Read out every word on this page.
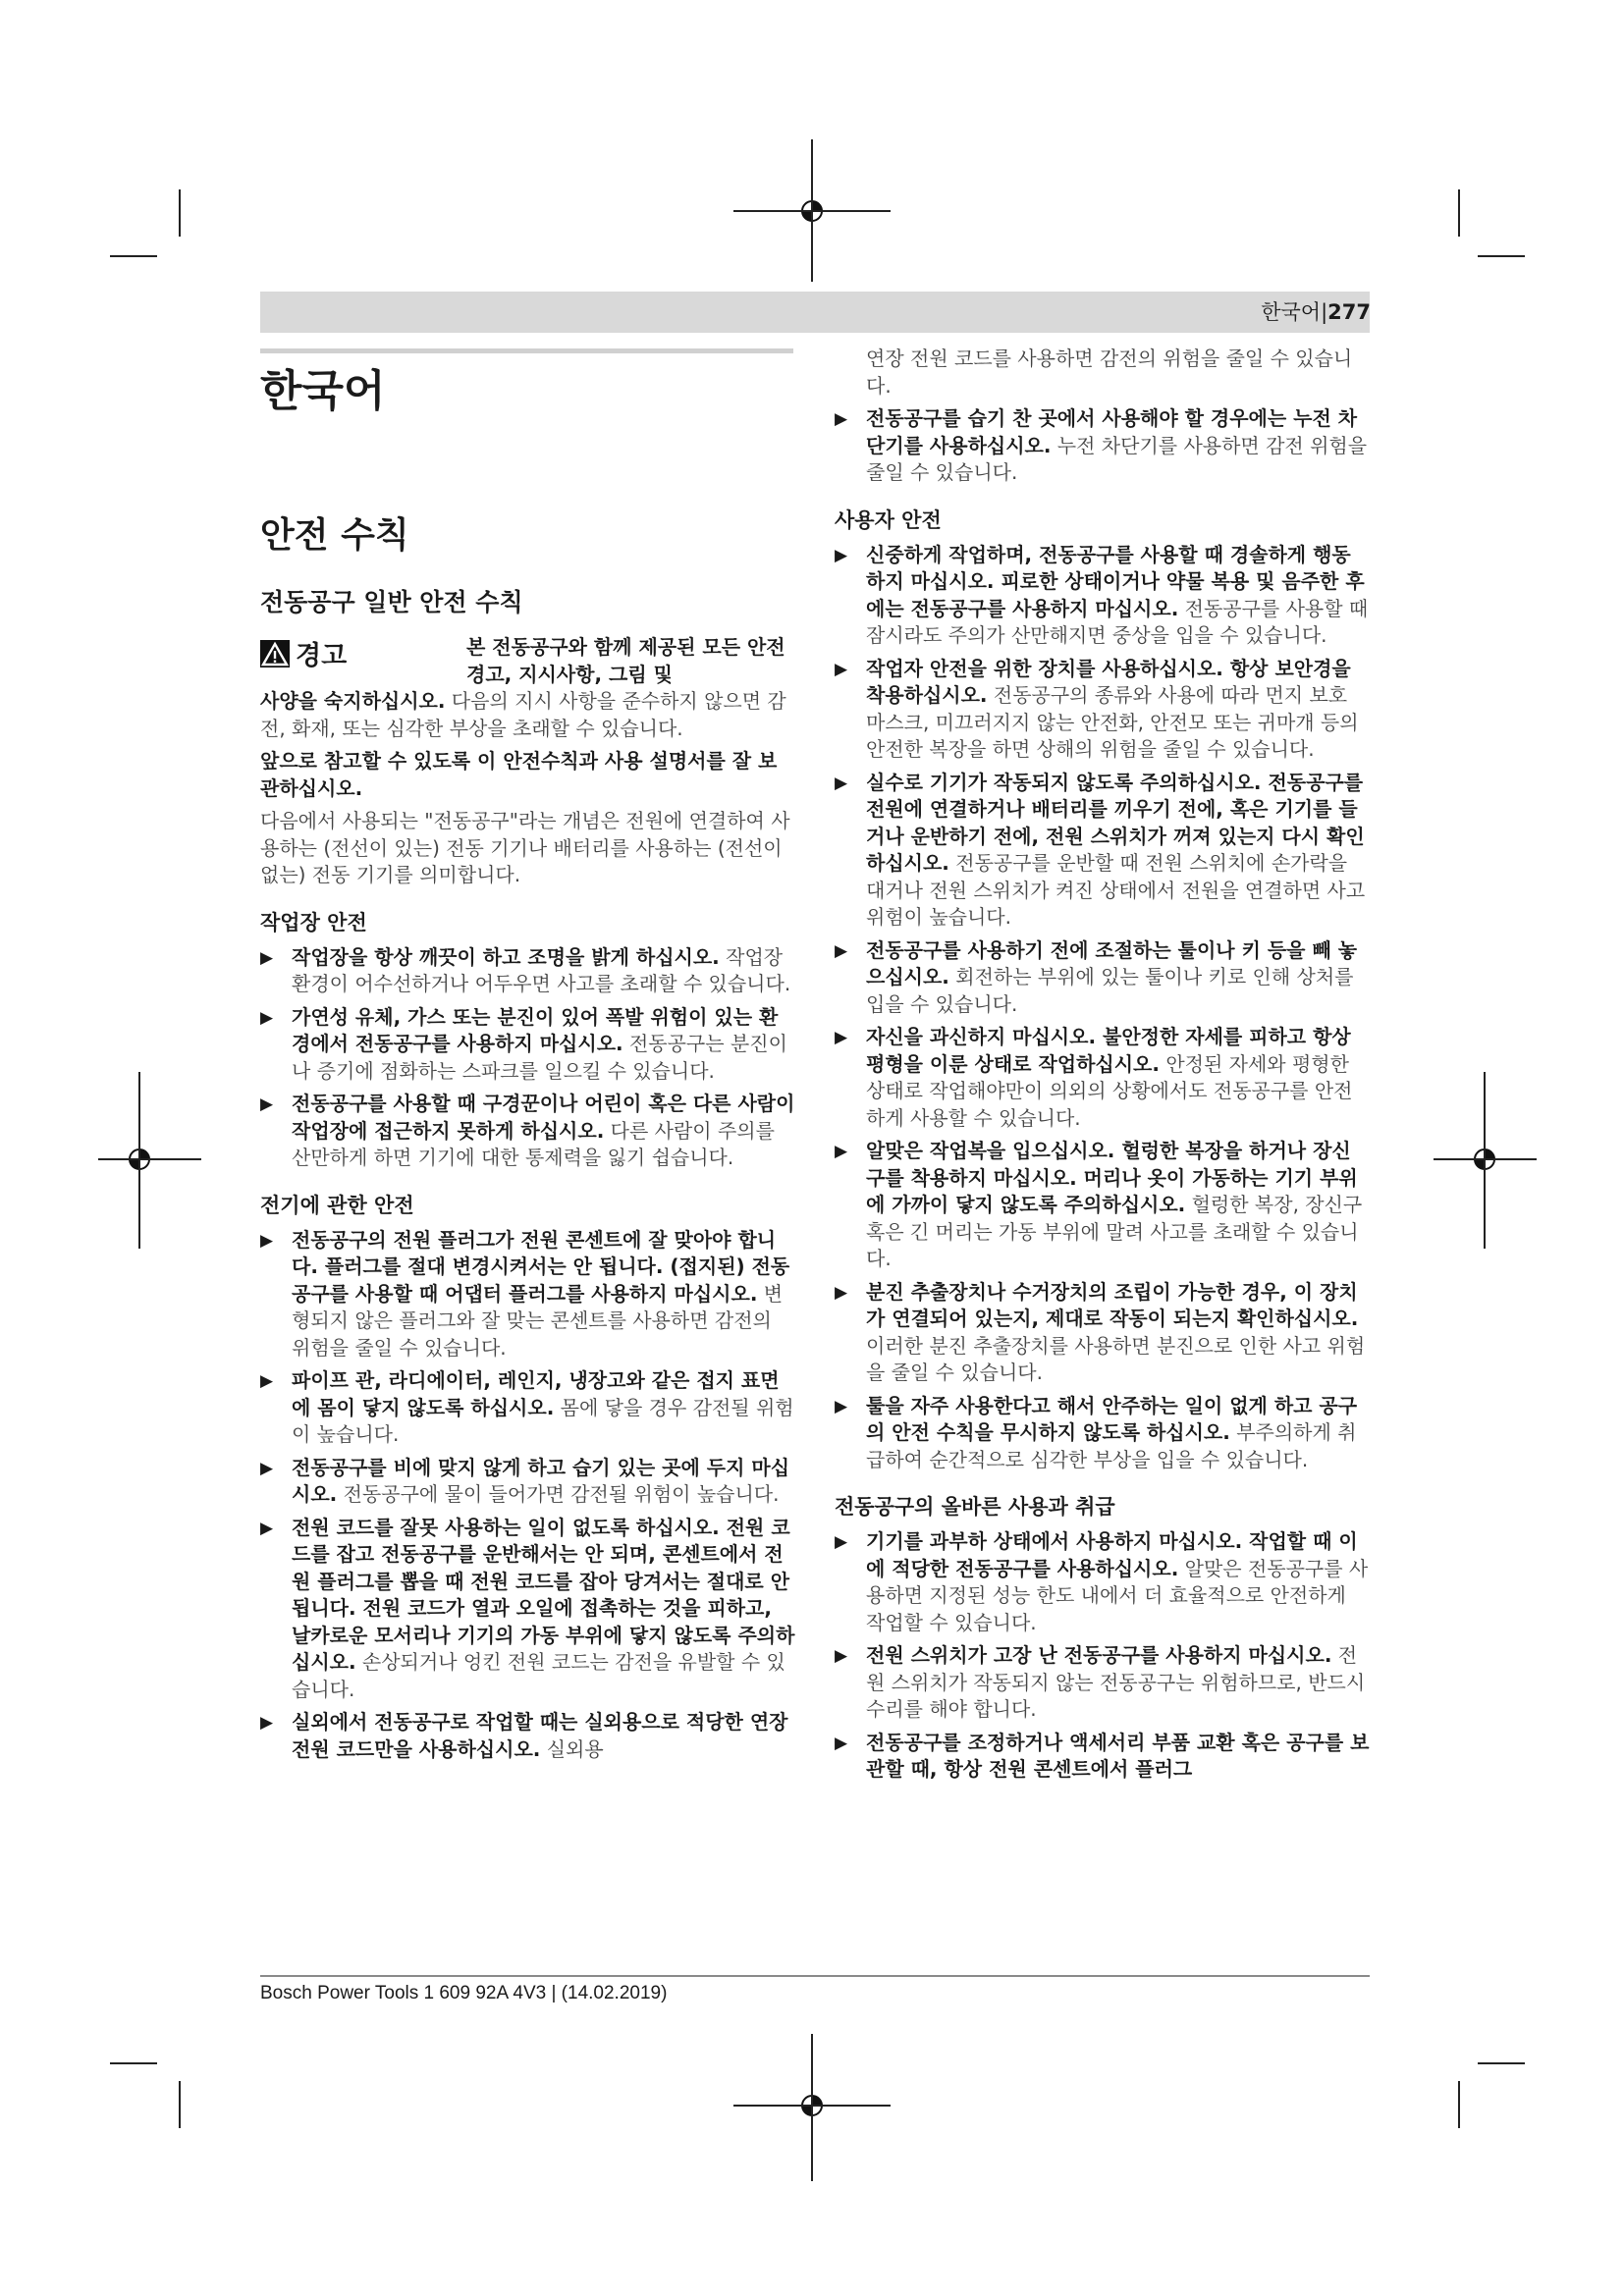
한국어|277
한국어
안전 수칙
전동공구 일반 안전 수칙
경고	본 전동공구와 함께 제공된 모든 안전경고, 지시사항, 그림 및

사양을 숙지하십시오. 다음의 지시 사항을 준수하지 않으면 감전, 화재, 또는 심각한 부상을 초래할 수 있습니다.

앞으로 참고할 수 있도록 이 안전수칙과 사용 설명서를 잘 보관하십시오.

다음에서 사용되는 "전동공구"라는 개념은 전원에 연결하여 사용하는 (전선이 있는) 전동 기기나 배터리를 사용하는 (전선이 없는) 전동 기기를 의미합니다.

작업장 안전
▶ 작업장을 항상 깨끗이 하고 조명을 밝게 하십시오. 작업장 환경이 어수선하거나 어두우면 사고를 초래할 수 있습니다.
▶ 가연성 유체, 가스 또는 분진이 있어 폭발 위험이 있는 환경에서 전동공구를 사용하지 마십시오. 전동공구는 분진이나 증기에 점화하는 스파크를 일으킬 수 있습니다.
▶ 전동공구를 사용할 때 구경꾼이나 어린이 혹은 다른 사람이 작업장에 접근하지 못하게 하십시오. 다른 사람이 주의를 산만하게 하면 기기에 대한 통제력을 잃기 쉽습니다.
전기에 관한 안전
▶ 전동공구의 전원 플러그가 전원 콘센트에 잘 맞아야 합니다. 플러그를 절대 변경시켜서는 안 됩니다. (접지된) 전동공구를 사용할 때 어댑터 플러그를 사용하지 마십시오. 변형되지 않은 플러그와 잘 맞는 콘센트를 사용하면 감전의 위험을 줄일 수 있습니다.
▶ 파이프 관, 라디에이터, 레인지, 냉장고와 같은 접지 표면에 몸이 닿지 않도록 하십시오. 몸에 닿을 경우 감전될 위험이 높습니다.
▶ 전동공구를 비에 맞지 않게 하고 습기 있는 곳에 두지 마십시오. 전동공구에 물이 들어가면 감전될 위험이 높습니다.
▶ 전원 코드를 잘못 사용하는 일이 없도록 하십시오. 전원 코드를 잡고 전동공구를 운반해서는 안 되며, 콘센트에서 전원 플러그를 뽑을 때 전원 코드를 잡아 당겨서는 절대로 안 됩니다. 전원 코드가 열과 오일에 접촉하는 것을 피하고, 날카로운 모서리나 기기의 가동 부위에 닿지 않도록 주의하십시오. 손상되거나 엉킨 전원 코드는 감전을 유발할 수 있습니다.
▶ 실외에서 전동공구로 작업할 때는 실외용으로 적당한 연장 전원 코드만을 사용하십시오. 실외용

연장 전원 코드를 사용하면 감전의 위험을 줄일 수 있습니다.

▶ 전동공구를 습기 찬 곳에서 사용해야 할 경우에는 누전 차단기를 사용하십시오. 누전 차단기를 사용하면 감전 위험을 줄일 수 있습니다.
사용자 안전
▶ 신중하게 작업하며, 전동공구를 사용할 때 경솔하게 행동하지 마십시오. 피로한 상태이거나 약물 복용 및 음주한 후에는 전동공구를 사용하지 마십시오. 전동공구를 사용할 때 잠시라도 주의가 산만해지면 중상을 입을 수 있습니다.
▶ 작업자 안전을 위한 장치를 사용하십시오. 항상 보안경을 착용하십시오. 전동공구의 종류와 사용에 따라 먼지 보호 마스크, 미끄러지지 않는 안전화, 안전모 또는 귀마개 등의 안전한 복장을 하면 상해의 위험을 줄일 수 있습니다.
▶ 실수로 기기가 작동되지 않도록 주의하십시오. 전동공구를 전원에 연결하거나 배터리를 끼우기 전에, 혹은 기기를 들거나 운반하기 전에, 전원 스위치가 꺼져 있는지 다시 확인하십시오. 전동공구를 운반할 때 전원 스위치에 손가락을 대거나 전원 스위치가 켜진 상태에서 전원을 연결하면 사고 위험이 높습니다.
▶ 전동공구를 사용하기 전에 조절하는 툴이나 키 등을 빼 놓으십시오. 회전하는 부위에 있는 툴이나 키로 인해 상처를 입을 수 있습니다.
▶ 자신을 과신하지 마십시오. 불안정한 자세를 피하고 항상 평형을 이룬 상태로 작업하십시오. 안정된 자세와 평형한 상태로 작업해야만이 의외의 상황에서도 전동공구를 안전하게 사용할 수 있습니다.
▶ 알맞은 작업복을 입으십시오. 헐렁한 복장을 하거나 장신구를 착용하지 마십시오. 머리나 옷이 가동하는 기기 부위에 가까이 닿지 않도록 주의하십시오. 헐렁한 복장, 장신구 혹은 긴 머리는 가동 부위에 말려 사고를 초래할 수 있습니다.
▶ 분진 추출장치나 수거장치의 조립이 가능한 경우, 이 장치가 연결되어 있는지, 제대로 작동이 되는지 확인하십시오. 이러한 분진 추출장치를 사용하면 분진으로 인한 사고 위험을 줄일 수 있습니다.
▶ 툴을 자주 사용한다고 해서 안주하는 일이 없게 하고 공구의 안전 수칙을 무시하지 않도록 하십시오. 부주의하게 취급하여 순간적으로 심각한 부상을 입을 수 있습니다.
전동공구의 올바른 사용과 취급
▶ 기기를 과부하 상태에서 사용하지 마십시오. 작업할 때 이에 적당한 전동공구를 사용하십시오. 알맞은 전동공구를 사용하면 지정된 성능 한도 내에서 더 효율적으로 안전하게 작업할 수 있습니다.
▶ 전원 스위치가 고장 난 전동공구를 사용하지 마십시오. 전원 스위치가 작동되지 않는 전동공구는 위험하므로, 반드시 수리를 해야 합니다.
▶ 전동공구를 조정하거나 액세서리 부품 교환 혹은 공구를 보관할 때, 항상 전원 콘센트에서 플러그
Bosch Power Tools 1 609 92A 4V3 | (14.02.2019)
